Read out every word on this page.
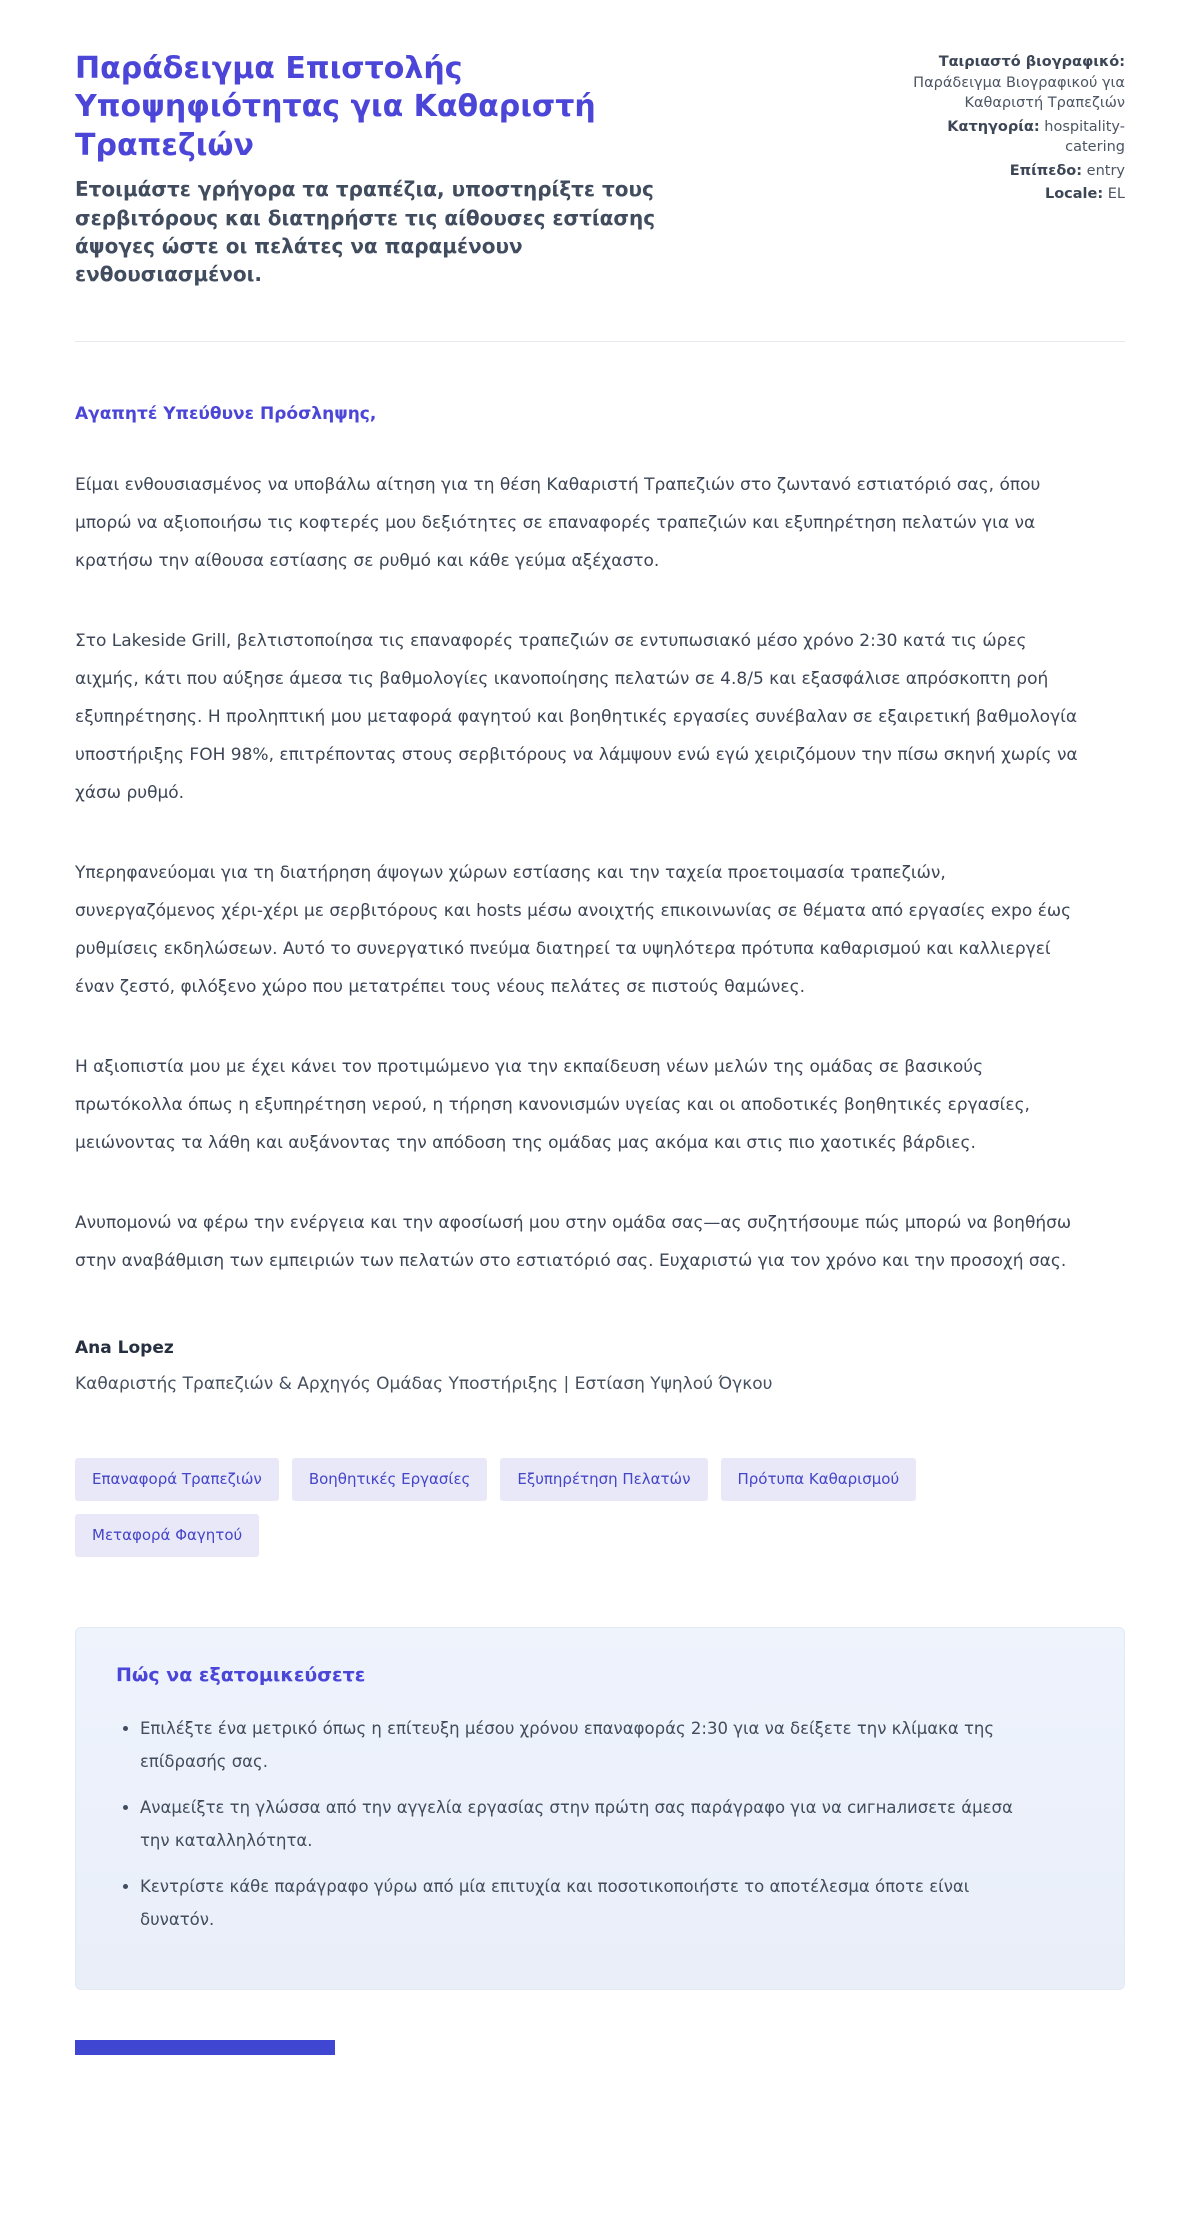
Παράδειγμα Επιστολής Υποψηφιότητας για Καθαριστή Τραπεζιών

Ετοιμάστε γρήγορα τα τραπέζια, υποστηρίξτε τους σερβιτόρους και διατηρήστε τις αίθουσες εστίασης άψογες ώστε οι πελάτες να παραμένουν ενθουσιασμένοι.

Ταιριαστό βιογραφικό: Παράδειγμα Βιογραφικού για Καθαριστή Τραπεζιών
Κατηγορία: hospitality-catering
Επίπεδο: entry
Locale: EL

Αγαπητέ Υπεύθυνε Πρόσληψης,

Είμαι ενθουσιασμένος να υποβάλω αίτηση για τη θέση Καθαριστή Τραπεζιών στο ζωντανό εστιατόριό σας, όπου μπορώ να αξιοποιήσω τις κοφτερές μου δεξιότητες σε επαναφορές τραπεζιών και εξυπηρέτηση πελατών για να κρατήσω την αίθουσα εστίασης σε ρυθμό και κάθε γεύμα αξέχαστο.

Στο Lakeside Grill, βελτιστοποίησα τις επαναφορές τραπεζιών σε εντυπωσιακό μέσο χρόνο 2:30 κατά τις ώρες αιχμής, κάτι που αύξησε άμεσα τις βαθμολογίες ικανοποίησης πελατών σε 4.8/5 και εξασφάλισε απρόσκοπτη ροή εξυπηρέτησης. Η προληπτική μου μεταφορά φαγητού και βοηθητικές εργασίες συνέβαλαν σε εξαιρετική βαθμολογία υποστήριξης FOH 98%, επιτρέποντας στους σερβιτόρους να λάμψουν ενώ εγώ χειριζόμουν την πίσω σκηνή χωρίς να χάσω ρυθμό.

Υπερηφανεύομαι για τη διατήρηση άψογων χώρων εστίασης και την ταχεία προετοιμασία τραπεζιών, συνεργαζόμενος χέρι-χέρι με σερβιτόρους και hosts μέσω ανοιχτής επικοινωνίας σε θέματα από εργασίες expo έως ρυθμίσεις εκδηλώσεων. Αυτό το συνεργατικό πνεύμα διατηρεί τα υψηλότερα πρότυπα καθαρισμού και καλλιεργεί έναν ζεστό, φιλόξενο χώρο που μετατρέπει τους νέους πελάτες σε πιστούς θαμώνες.

Η αξιοπιστία μου με έχει κάνει τον προτιμώμενο για την εκπαίδευση νέων μελών της ομάδας σε βασικούς πρωτόκολλα όπως η εξυπηρέτηση νερού, η τήρηση κανονισμών υγείας και οι αποδοτικές βοηθητικές εργασίες, μειώνοντας τα λάθη και αυξάνοντας την απόδοση της ομάδας μας ακόμα και στις πιο χαοτικές βάρδιες.

Ανυπομονώ να φέρω την ενέργεια και την αφοσίωσή μου στην ομάδα σας—ας συζητήσουμε πώς μπορώ να βοηθήσω στην αναβάθμιση των εμπειριών των πελατών στο εστιατόριό σας. Ευχαριστώ για τον χρόνο και την προσοχή σας.

Ana Lopez

Καθαριστής Τραπεζιών & Αρχηγός Ομάδας Υποστήριξης | Εστίαση Υψηλού Όγκου

Επαναφορά Τραπεζιών	Βοηθητικές Εργασίες	Εξυπηρέτηση Πελατών	Πρότυπα Καθαρισμού
Μεταφορά Φαγητού
Πώς να εξατομικεύσετε
• Επιλέξτε ένα μετρικό όπως η επίτευξη μέσου χρόνου επαναφοράς 2:30 για να δείξετε την κλίμακα της επίδρασής σας.
• Αναμείξτε τη γλώσσα από την αγγελία εργασίας στην πρώτη σας παράγραφο για να сигналиσετε άμεσα την καταλληλότητα.
• Κεντρίστε κάθε παράγραφο γύρω από μία επιτυχία και ποσοτικοποιήστε το αποτέλεσμα όποτε είναι δυνατόν.
